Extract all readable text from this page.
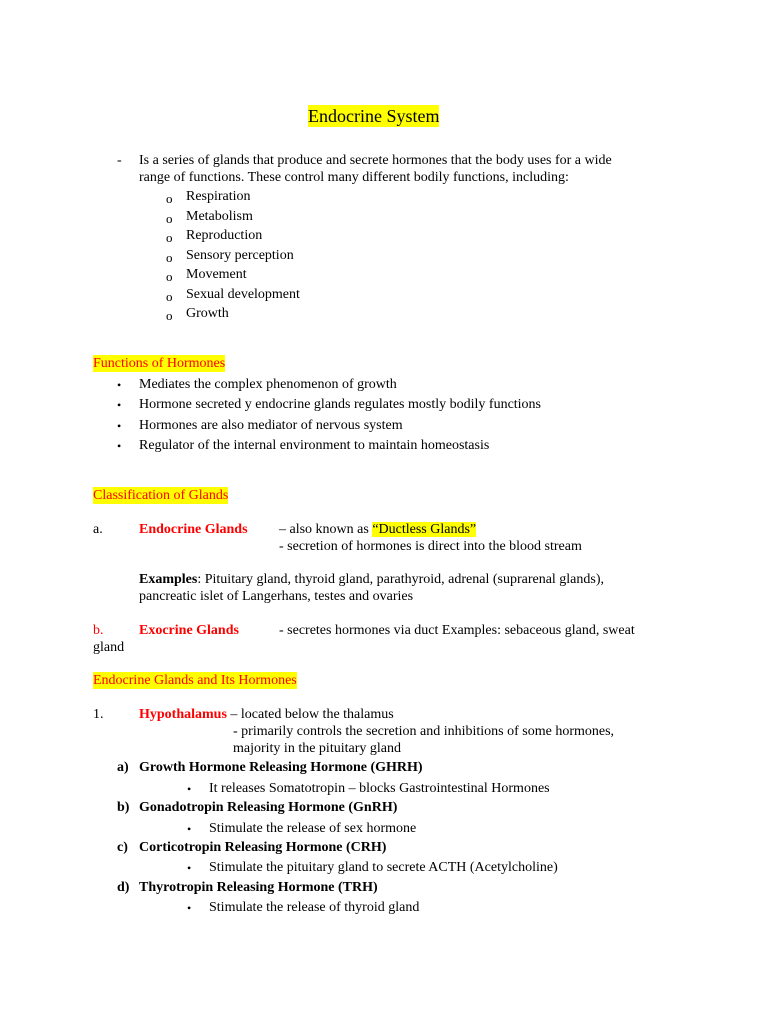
Endocrine System
- Is a series of glands that produce and secrete hormones that the body uses for a wide
range of functions. These control many different bodily functions, including:
o Respiration
o Metabolism
o Reproduction
o Sensory perception
o Movement
o Sexual development
o Growth
Functions of Hormones
• Mediates the complex phenomenon of growth
• Hormone secreted y endocrine glands regulates mostly bodily functions
• Hormones are also mediator of nervous system
• Regulator of the internal environment to maintain homeostasis
Classification of Glands
a.	Endocrine Glands – also known as “Ductless Glands”
- secretion of hormones is direct into the blood stream
Examples: Pituitary gland, thyroid gland, parathyroid, adrenal (suprarenal glands),
pancreatic islet of Langerhans, testes and ovaries
b.	Exocrine Glands	- secretes hormones via duct Examples: sebaceous gland, sweat
gland
Endocrine Glands and Its Hormones
1.	Hypothalamus – located below the thalamus
- primarily controls the secretion and inhibitions of some hormones,
majority in the pituitary gland
a) Growth Hormone Releasing Hormone (GHRH)
• It releases Somatotropin – blocks Gastrointestinal Hormones
b) Gonadotropin Releasing Hormone (GnRH)
• Stimulate the release of sex hormone
c) Corticotropin Releasing Hormone (CRH)
• Stimulate the pituitary gland to secrete ACTH (Acetylcholine)
d) Thyrotropin Releasing Hormone (TRH)
• Stimulate the release of thyroid gland
